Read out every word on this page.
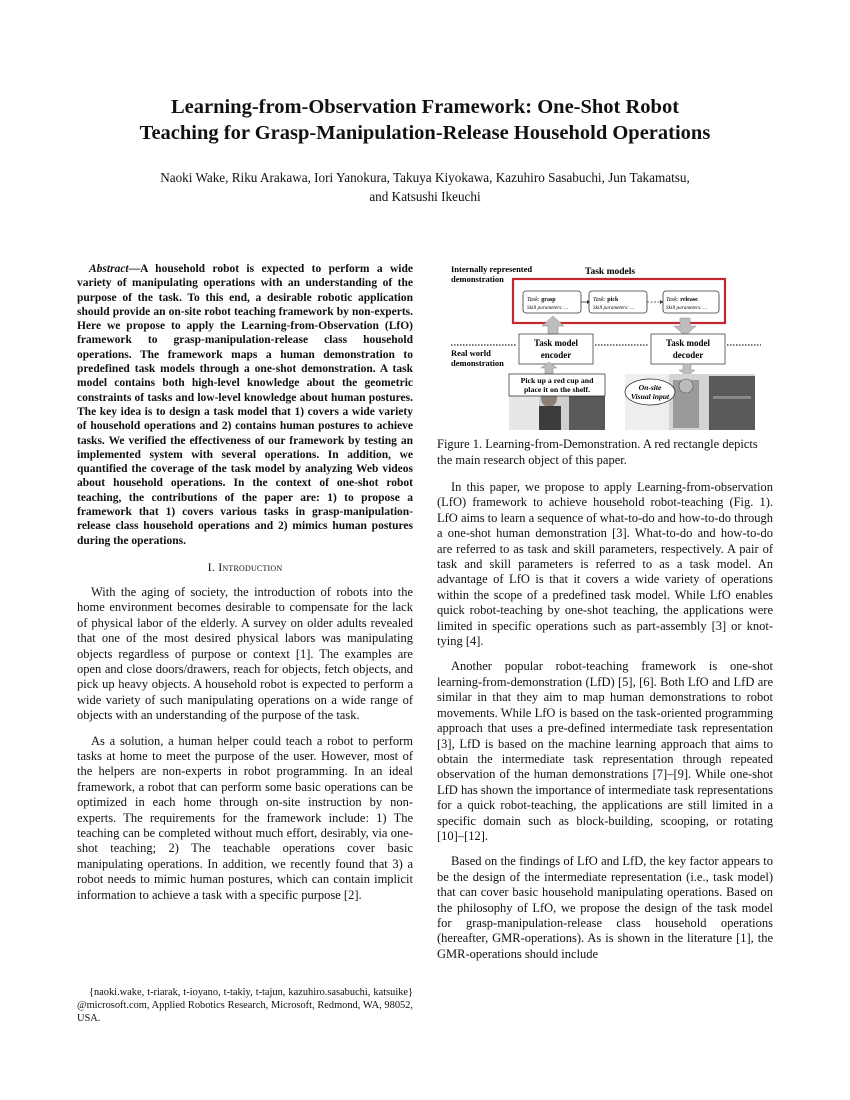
Learning-from-Observation Framework: One-Shot Robot
Teaching for Grasp-Manipulation-Release Household Operations
Naoki Wake, Riku Arakawa, Iori Yanokura, Takuya Kiyokawa, Kazuhiro Sasabuchi, Jun Takamatsu,
and Katsushi Ikeuchi

Abstract—A household robot is expected to perform a wide variety of manipulating operations with an understanding of the purpose of the task. To this end, a desirable robotic application should provide an on-site robot teaching framework by non-experts. Here we propose to apply the Learning-from-Observation (LfO) framework to grasp-manipulation-release class household operations. The framework maps a human demonstration to predefined task models through a one-shot demonstration. A task model contains both high-level knowledge about the geometric constraints of tasks and low-level knowledge about human postures. The key idea is to design a task model that 1) covers a wide variety of household operations and 2) contains human postures to achieve tasks. We verified the effectiveness of our framework by testing an implemented system with several operations. In addition, we quantified the coverage of the task model by analyzing Web videos about household operations. In the context of one-shot robot teaching, the contributions of the paper are: 1) to propose a framework that 1) covers various tasks in grasp-manipulation-release class household operations and 2) mimics human postures during the operations.

I. Introduction

With the aging of society, the introduction of robots into the home environment becomes desirable to compensate for the lack of physical labor of the elderly. A survey on older adults revealed that one of the most desired physical labors was manipulating objects regardless of purpose or context [1]. The examples are open and close doors/drawers, reach for objects, fetch objects, and pick up heavy objects. A household robot is expected to perform a wide variety of such manipulating operations on a wide range of objects with an understanding of the purpose of the task.

As a solution, a human helper could teach a robot to perform tasks at home to meet the purpose of the user. However, most of the helpers are non-experts in robot programming. In an ideal framework, a robot that can perform some basic operations can be optimized in each home through on-site instruction by non-experts. The requirements for the framework include: 1) The teaching can be completed without much effort, desirably, via one-shot teaching; 2) The teachable operations cover basic manipulating operations. In addition, we recently found that 3) a robot needs to mimic human postures, which can contain implicit information to achieve a task with a specific purpose [2].

{naoki.wake, t-riarak, t-ioyano, t-takiy, t-tajun, kazuhiro.sasabuchi, katsuike} @microsoft.com, Applied Robotics Research, Microsoft, Redmond, WA, 98052, USA.

Internally represented
demonstration
Task models
Task: grasp
Skill parameters: ...
Task: pick
Skill parameters: ...
Task: release
Skill parameters: ...
Task model
encoder
Task model
decoder
Real world
demonstration
Pick up a red cup and
place it on the shelf.	On-site
Visual input

Figure 1. Learning-from-Demonstration. A red rectangle depicts the main research object of this paper.

In this paper, we propose to apply Learning-from-observation (LfO) framework to achieve household robot-teaching (Fig. 1). LfO aims to learn a sequence of what-to-do and how-to-do through a one-shot human demonstration [3]. What-to-do and how-to-do are referred to as task and skill parameters, respectively. A pair of task and skill parameters is referred to as a task model. An advantage of LfO is that it covers a wide variety of operations within the scope of a predefined task model. While LfO enables quick robot-teaching by one-shot teaching, the applications were limited in specific operations such as part-assembly [3] or knot-tying [4].

Another popular robot-teaching framework is one-shot learning-from-demonstration (LfD) [5], [6]. Both LfO and LfD are similar in that they aim to map human demonstrations to robot movements. While LfO is based on the task-oriented programming approach that uses a pre-defined intermediate task representation [3], LfD is based on the machine learning approach that aims to obtain the intermediate task representation through repeated observation of the human demonstrations [7]–[9]. While one-shot LfD has shown the importance of intermediate task representations for a quick robot-teaching, the applications are still limited in a specific domain such as block-building, scooping, or rotating [10]–[12].

Based on the findings of LfO and LfD, the key factor appears to be the design of the intermediate representation (i.e., task model) that can cover basic household manipulating operations. Based on the philosophy of LfO, we propose the design of the task model for grasp-manipulation-release class household operations (hereafter, GMR-operations). As is shown in the literature [1], the GMR-operations should include
